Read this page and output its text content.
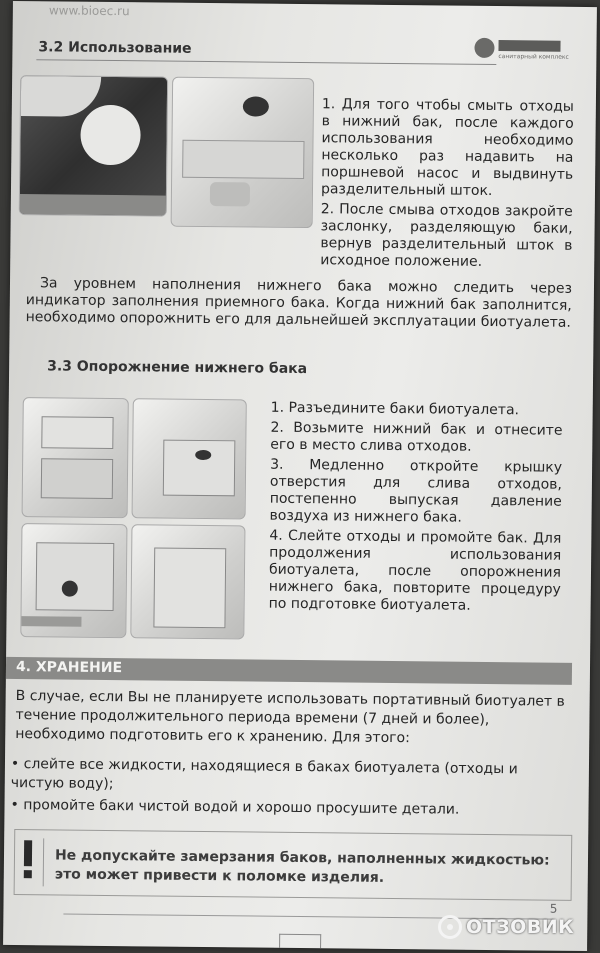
www.bioec.ru
санитарный комплекс
3.2 Использование

1. Для того чтобы смыть отходы в нижний бак, после каждого использования необходимо несколько раз надавить на поршневой насос и выдвинуть разделительный шток.

2. После смыва отходов закройте заслонку, разделяющую баки, вернув разделительный шток в исходное положение.

За уровнем наполнения нижнего бака можно следить через индикатор заполнения приемного бака. Когда нижний бак заполнится, необходимо опорожнить его для дальнейшей эксплуатации биотуалета.
3.3 Опорожнение нижнего бака

1. Разъедините баки биотуалета.

2. Возьмите нижний бак и отнесите его в место слива отходов.

3. Медленно откройте крышку отверстия для слива отходов, постепенно выпуская давление воздуха из нижнего бака.

4. Слейте отходы и промойте бак. Для продолжения использования биотуалета, после опорожнения нижнего бака, повторите процедуру по подготовке биотуалета.

4. ХРАНЕНИЕ
В случае, если Вы не планируете использовать портативный биотуалет в течение продолжительного периода времени (7 дней и более), необходимо подготовить его к хранению. Для этого:

• слейте все жидкости, находящиеся в баках биотуалета (отходы и чистую воду);

• промойте баки чистой водой и хорошо просушите детали.

Не допускайте замерзания баков, наполненных жидкостью: это может привести к поломке изделия.
5
ОТЗОВИК
